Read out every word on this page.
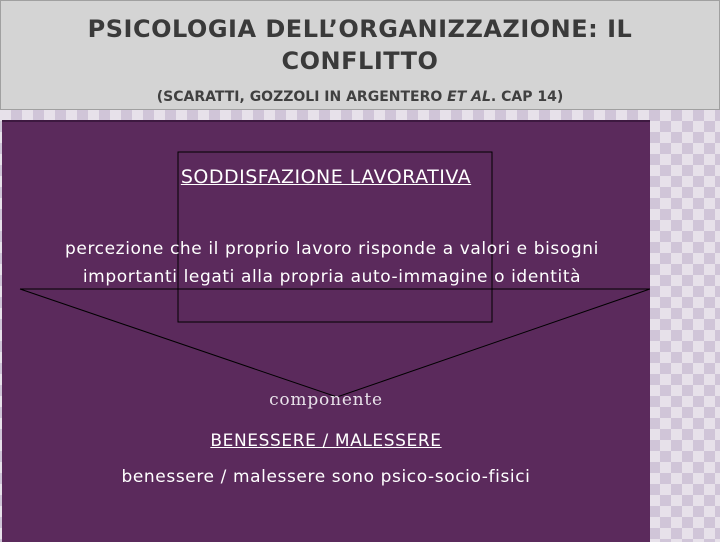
PSICOLOGIA DELL’ORGANIZZAZIONE: IL CONFLITTO
(SCARATTI, GOZZOLI IN ARGENTERO ET AL. CAP 14)
SODDISFAZIONE LAVORATIVA
percezione che il proprio lavoro risponde a valori e bisogni importanti legati alla propria auto-immagine o identità
componente
BENESSERE / MALESSERE
benessere / malessere sono psico-socio-fisici
